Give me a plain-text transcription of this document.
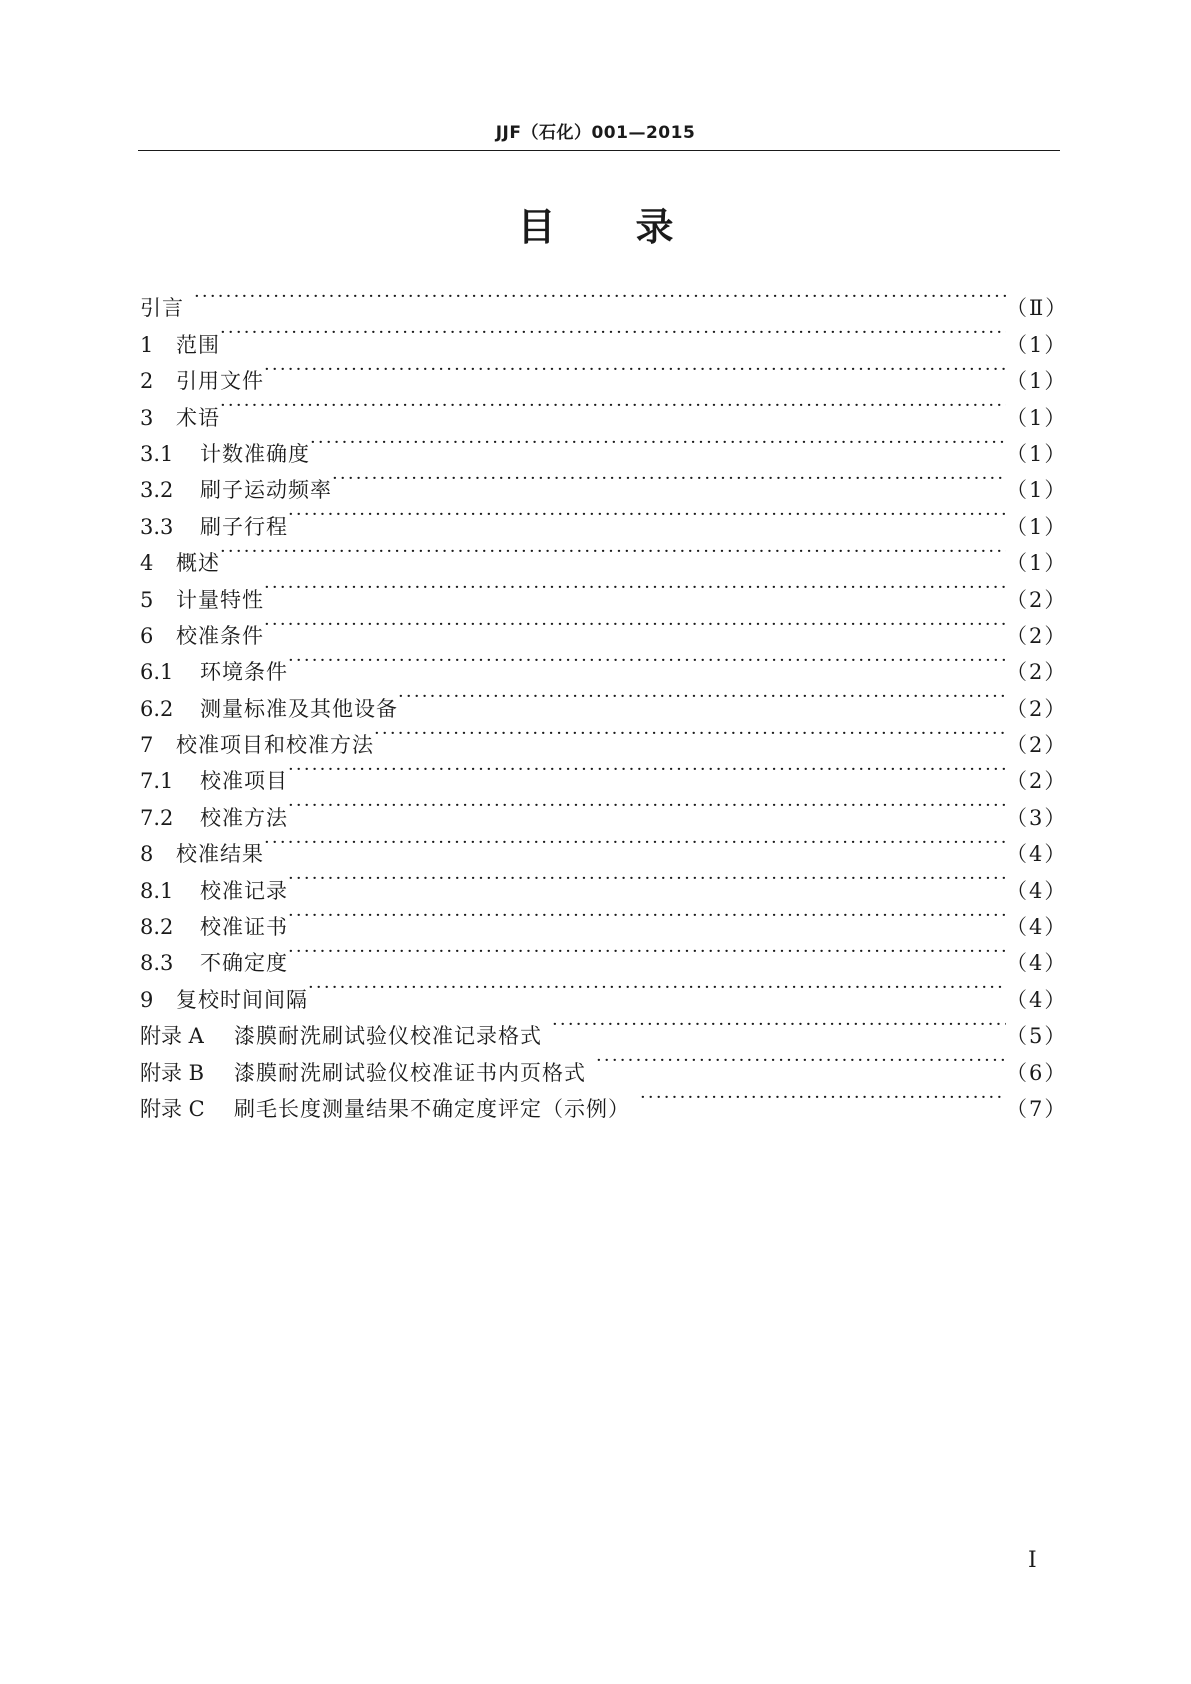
JJF（石化）001—2015
目录
引言 ·····	（Ⅱ）
1	范围 ·····	（1）
2	引用文件 ·····	（1）
3	术语 ·····	（1）
3.1	计数准确度 ·····	（1）
3.2	刷子运动频率 ·····	（1）
3.3	刷子行程 ·····	（1）
4	概述 ·····	（1）
5	计量特性 ·····	（2）
6	校准条件 ·····	（2）
6.1	环境条件 ·····	（2）
6.2	测量标准及其他设备 ·····	（2）
7	校准项目和校准方法 ·····	（2）
7.1	校准项目 ·····	（2）
7.2	校准方法 ·····	（3）
8	校准结果 ·····	（4）
8.1	校准记录 ·····	（4）
8.2	校准证书 ·····	（4）
8.3	不确定度 ·····	（4）
9	复校时间间隔 ·····	（4）
附录 A	漆膜耐洗刷试验仪校准记录格式 ·····	（5）
附录 B	漆膜耐洗刷试验仪校准证书内页格式 ·····	（6）
附录 C	刷毛长度测量结果不确定度评定（示例） ·····	（7）
Ⅰ
